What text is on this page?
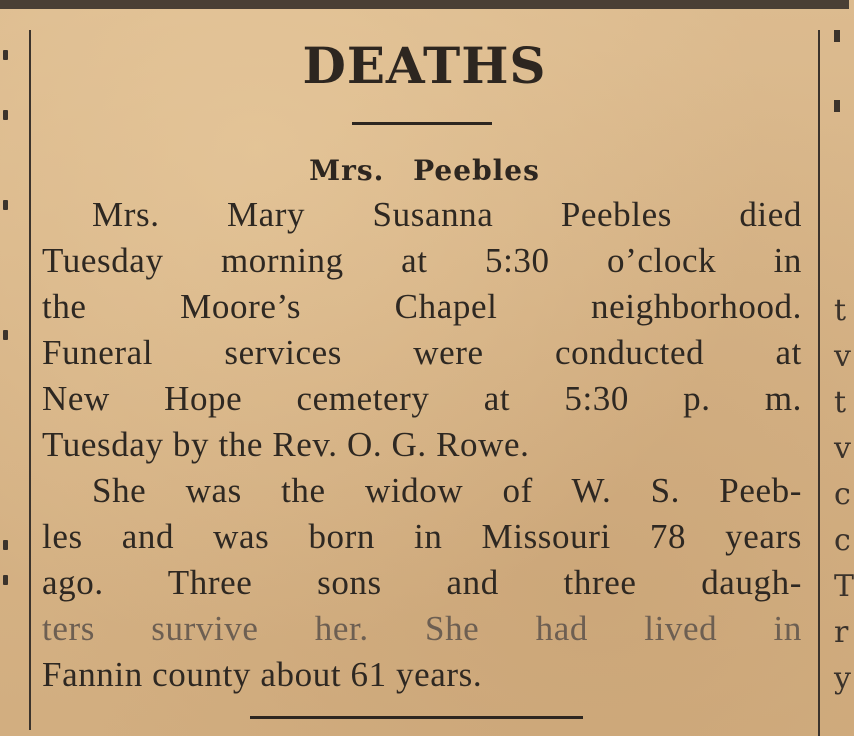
t
v
t
v
c
c
T
r
y
DEATHS
Mrs. Peebles
Mrs. Mary Susanna Peebles died
Tuesday morning at 5:30 o’clock in
the Moore’s Chapel neighborhood.
Funeral services were conducted at
New Hope cemetery at 5:30 p. m.
Tuesday by the Rev. O. G. Rowe.
She was the widow of W. S. Peeb-
les and was born in Missouri 78 years
ago. Three sons and three daugh-
ters survive her. She had lived in
Fannin county about 61 years.
